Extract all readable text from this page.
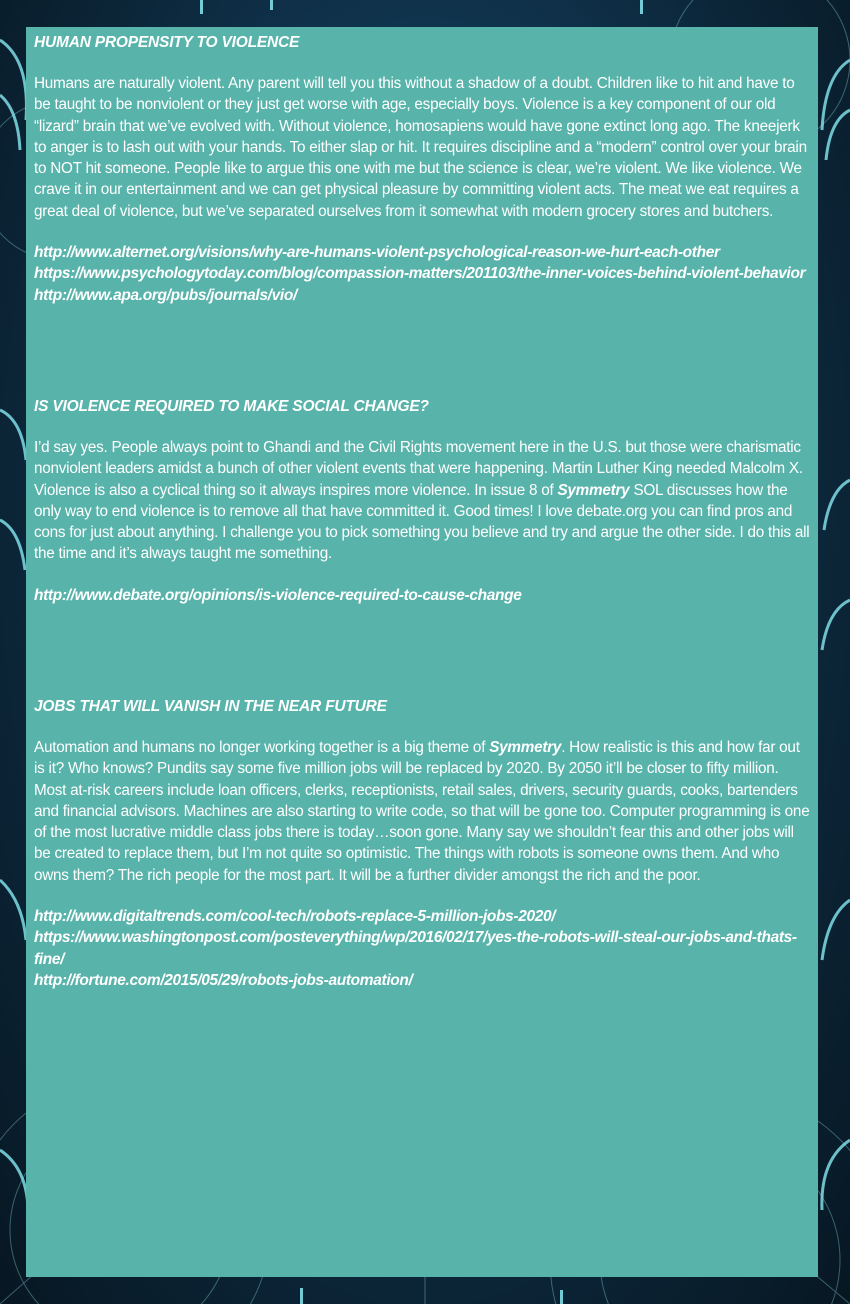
HUMAN PROPENSITY TO VIOLENCE

Humans are naturally violent. Any parent will tell you this without a shadow of a doubt. Children like to hit and have to be taught to be nonviolent or they just get worse with age, especially boys. Violence is a key component of our old “lizard” brain that we’ve evolved with. Without violence, homosapiens would have gone extinct long ago. The kneejerk to anger is to lash out with your hands. To either slap or hit. It requires discipline and a “modern” control over your brain to NOT hit someone. People like to argue this one with me but the science is clear, we’re violent. We like violence. We crave it in our entertainment and we can get physical pleasure by committing violent acts. The meat we eat requires a great deal of violence, but we’ve separated ourselves from it somewhat with modern grocery stores and butchers.

http://www.alternet.org/visions/why-are-humans-violent-psychological-reason-we-hurt-each-other
https://www.psychologytoday.com/blog/compassion-matters/201103/the-inner-voices-behind-violent-behavior
http://www.apa.org/pubs/journals/vio/

IS VIOLENCE REQUIRED TO MAKE SOCIAL CHANGE?

I’d say yes. People always point to Ghandi and the Civil Rights movement here in the U.S. but those were charismatic nonviolent leaders amidst a bunch of other violent events that were happening. Martin Luther King needed Malcolm X. Violence is also a cyclical thing so it always inspires more violence. In issue 8 of Symmetry SOL discusses how the only way to end violence is to remove all that have committed it. Good times! I love debate.org you can find pros and cons for just about anything. I challenge you to pick something you believe and try and argue the other side. I do this all the time and it’s always taught me something.

http://www.debate.org/opinions/is-violence-required-to-cause-change

JOBS THAT WILL VANISH IN THE NEAR FUTURE

Automation and humans no longer working together is a big theme of Symmetry. How realistic is this and how far out is it? Who knows? Pundits say some five million jobs will be replaced by 2020. By 2050 it’ll be closer to fifty million. Most at-risk careers include loan officers, clerks, receptionists, retail sales, drivers, security guards, cooks, bartenders and financial advisors. Machines are also starting to write code, so that will be gone too. Computer programming is one of the most lucrative middle class jobs there is today…soon gone. Many say we shouldn’t fear this and other jobs will be created to replace them, but I’m not quite so optimistic. The things with robots is someone owns them. And who owns them? The rich people for the most part. It will be a further divider amongst the rich and the poor.

http://www.digitaltrends.com/cool-tech/robots-replace-5-million-jobs-2020/
https://www.washingtonpost.com/posteverything/wp/2016/02/17/yes-the-robots-will-steal-our-jobs-and-thats-fine/
http://fortune.com/2015/05/29/robots-jobs-automation/
